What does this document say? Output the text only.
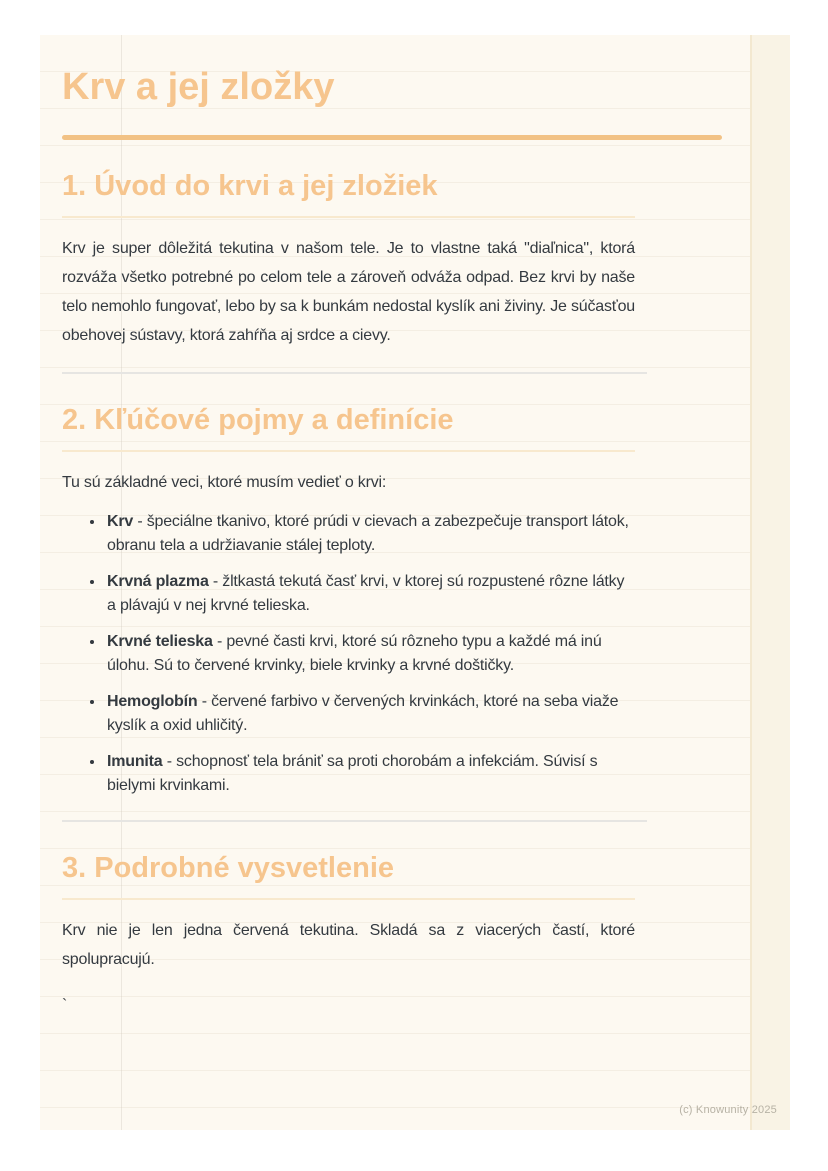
Krv a jej zložky
1. Úvod do krvi a jej zložiek

Krv je super dôležitá tekutina v našom tele. Je to vlastne taká "diaľnica", ktorá rozváža všetko potrebné po celom tele a zároveň odváža odpad. Bez krvi by naše telo nemohlo fungovať, lebo by sa k bunkám nedostal kyslík ani živiny. Je súčasťou obehovej sústavy, ktorá zahŕňa aj srdce a cievy.

2. Kľúčové pojmy a definície

Tu sú základné veci, ktoré musím vedieť o krvi:

• Krv - špeciálne tkanivo, ktoré prúdi v cievach a zabezpečuje transport látok, obranu tela a udržiavanie stálej teploty.
• Krvná plazma - žltkastá tekutá časť krvi, v ktorej sú rozpustené rôzne látky a plávajú v nej krvné telieska.
• Krvné telieska - pevné časti krvi, ktoré sú rôzneho typu a každé má inú úlohu. Sú to červené krvinky, biele krvinky a krvné doštičky.
• Hemoglobín - červené farbivo v červených krvinkách, ktoré na seba viaže kyslík a oxid uhličitý.
• Imunita - schopnosť tela brániť sa proti chorobám a infekciám. Súvisí s bielymi krvinkami.
3. Podrobné vysvetlenie

Krv nie je len jedna červená tekutina. Skladá sa z viacerých častí, ktoré spolupracujú.

`

(c) Knowunity 2025
